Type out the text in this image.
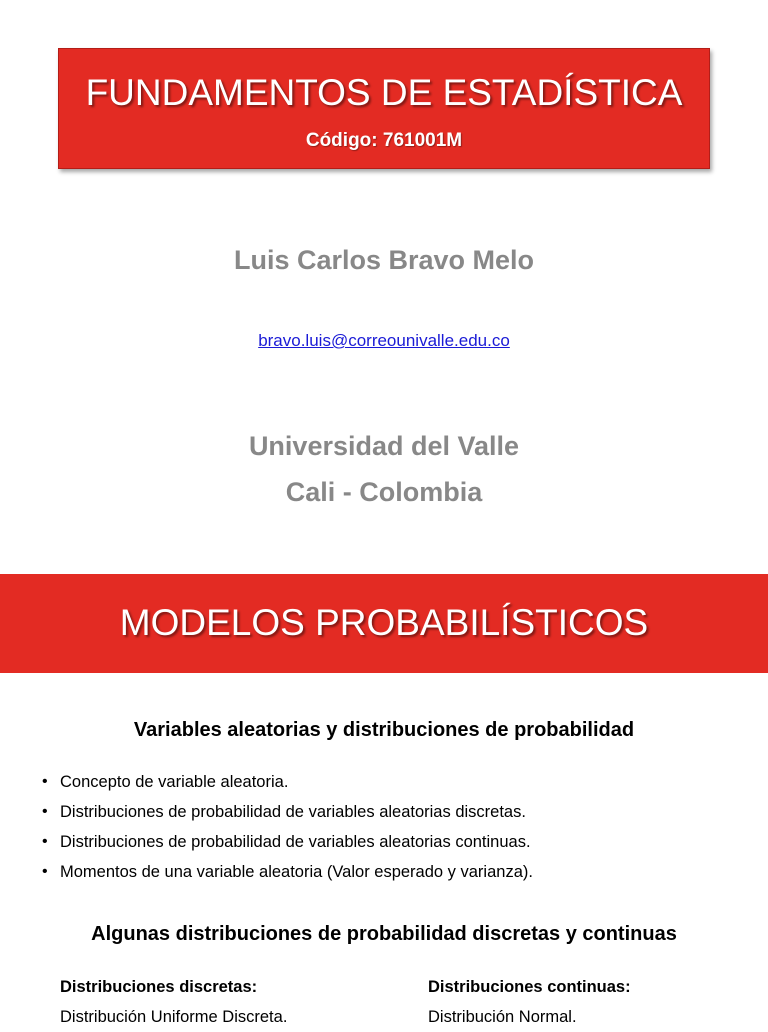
FUNDAMENTOS DE ESTADÍSTICA
Código: 761001M
Luis Carlos Bravo Melo
bravo.luis@correounivalle.edu.co
Universidad del Valle
Cali - Colombia
MODELOS PROBABILÍSTICOS
Variables aleatorias y distribuciones de probabilidad
• Concepto de variable aleatoria.
• Distribuciones de probabilidad de variables aleatorias discretas.
• Distribuciones de probabilidad de variables aleatorias continuas.
• Momentos de una variable aleatoria (Valor esperado y varianza).
Algunas distribuciones de probabilidad discretas y continuas
Distribuciones discretas:
Distribución Uniforme Discreta.
Distribuciones continuas:
Distribución Normal.
